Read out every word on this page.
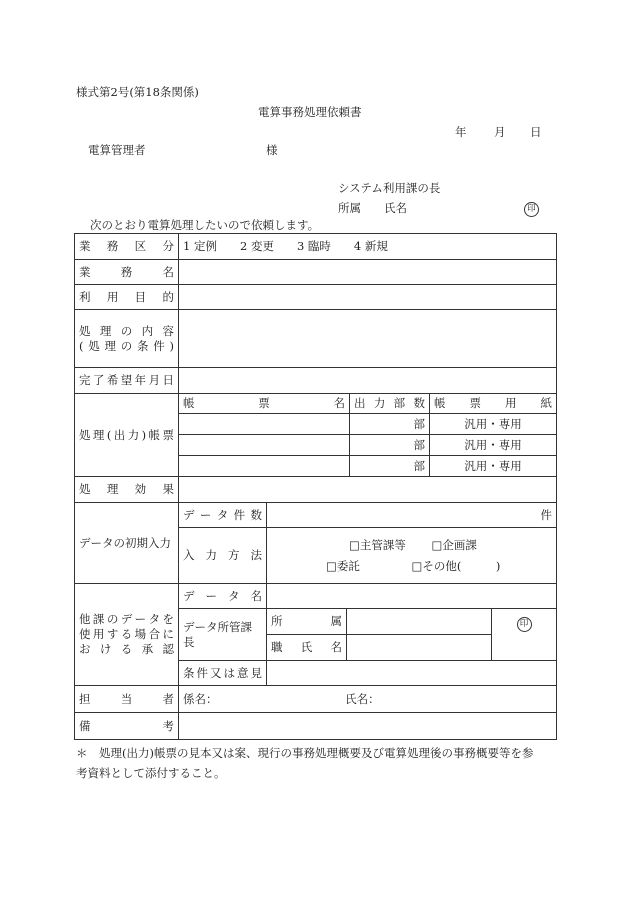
様式第2号(第18条関係)
電算事務処理依頼書
年 月 日
電算管理者	様
システム利用課の長
所属 氏名	印
次のとおり電算処理したいので依頼します。
業務区分	1 定例　　2 変更　　3 臨時　　4 新規					

業務名						

利用目的						

処理の内容
(処理の条件)						

完了希望年月日						

処理(出力)帳票	帳票名			出力部数	帳票用紙	

				部	汎用・専用	
				部	汎用・専用	
				部	汎用・専用	

処理効果						

データの初期入力	データ件数	件				

	入力方法	□ 主管課等 □ 企画課
□ 委託 □ その他(　　　)

他課のデータを
使用する場合に
おける承認	データ名					

	データ所管課長	所属				印

		職氏名				

	条件又は意見					

担当者	係名： 氏名：					

備考						

＊　処理(出力)帳票の見本又は案、現行の事務処理概要及び電算処理後の事務概要等を参
考資料として添付すること。
